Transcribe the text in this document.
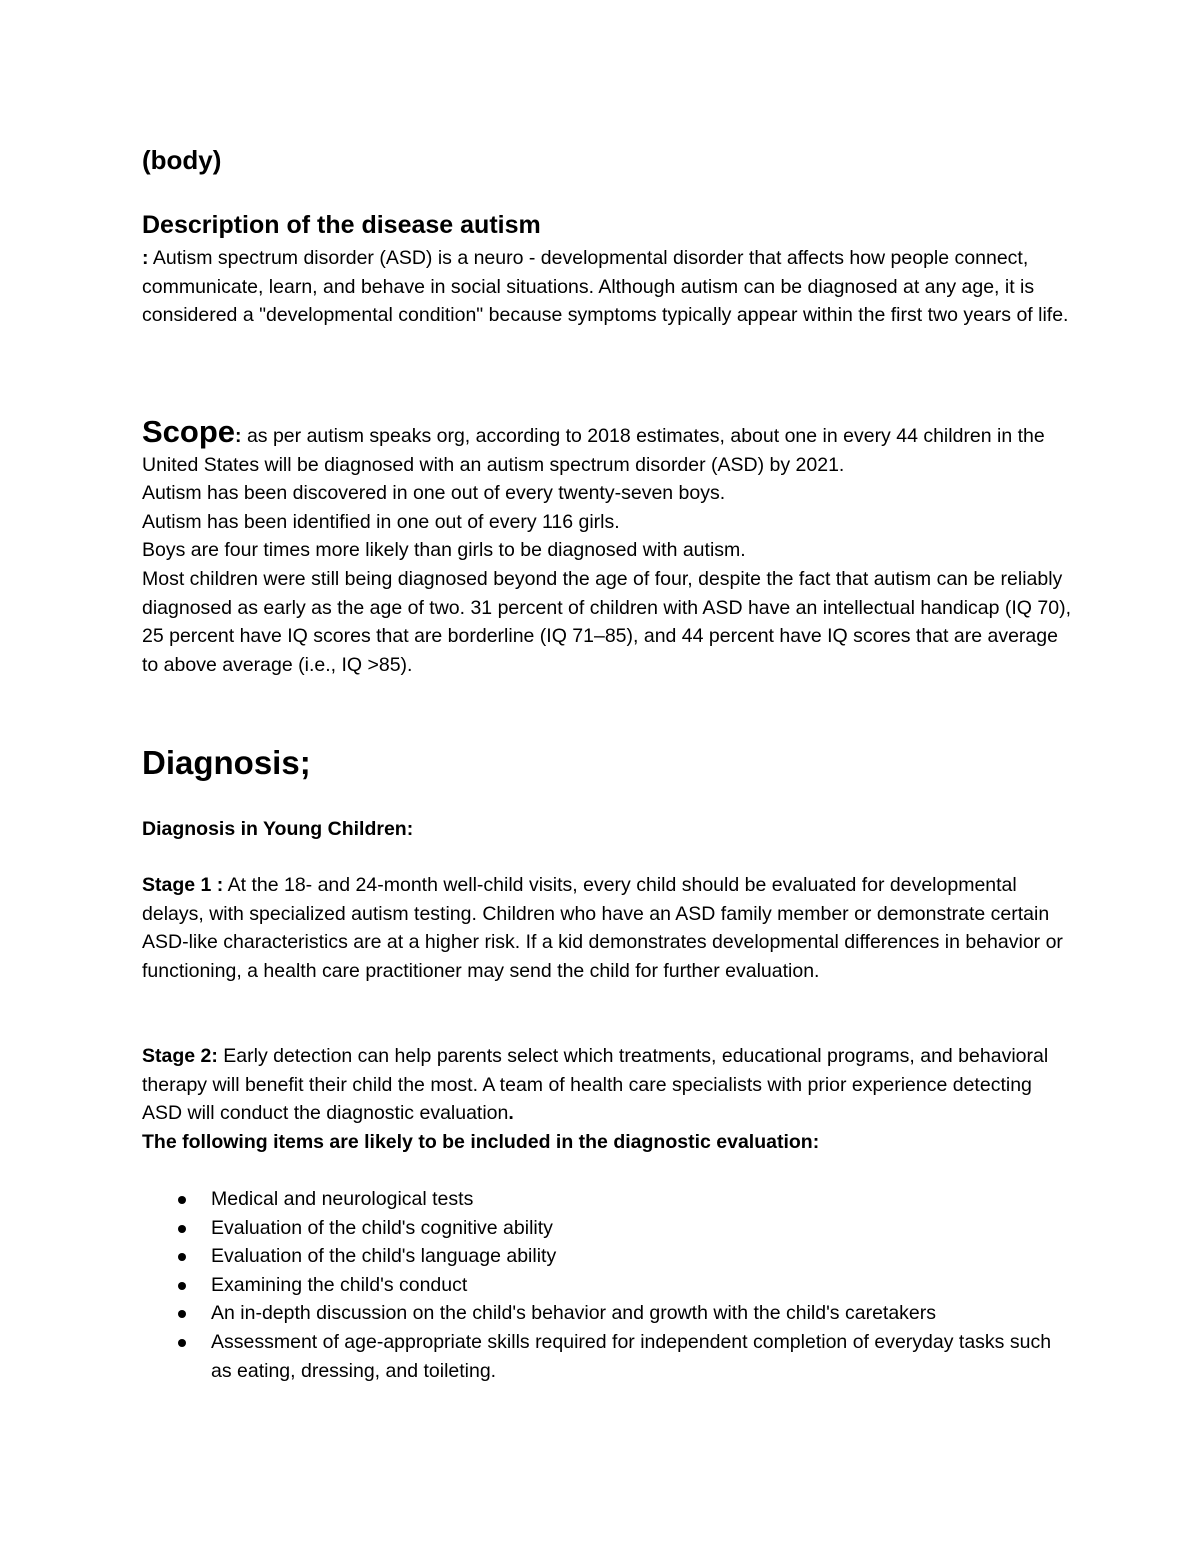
(body)
Description of the disease autism
: Autism spectrum disorder (ASD) is a neuro - developmental disorder that affects how people connect, communicate, learn, and behave in social situations. Although autism can be diagnosed at any age, it is considered a "developmental condition" because symptoms typically appear within the first two years of life.

Scope: as per autism speaks org, according to 2018 estimates, about one in every 44 children in the United States will be diagnosed with an autism spectrum disorder (ASD) by 2021.

Autism has been discovered in one out of every twenty-seven boys.

Autism has been identified in one out of every 116 girls.

Boys are four times more likely than girls to be diagnosed with autism.

Most children were still being diagnosed beyond the age of four, despite the fact that autism can be reliably diagnosed as early as the age of two. 31 percent of children with ASD have an intellectual handicap (IQ 70), 25 percent have IQ scores that are borderline (IQ 71–85), and 44 percent have IQ scores that are average to above average (i.e., IQ >85).

Diagnosis;
Diagnosis in Young Children:
Stage 1 : At the 18- and 24-month well-child visits, every child should be evaluated for developmental delays, with specialized autism testing. Children who have an ASD family member or demonstrate certain ASD-like characteristics are at a higher risk. If a kid demonstrates developmental differences in behavior or functioning, a health care practitioner may send the child for further evaluation.

Stage 2: Early detection can help parents select which treatments, educational programs, and behavioral therapy will benefit their child the most. A team of health care specialists with prior experience detecting ASD will conduct the diagnostic evaluation.

The following items are likely to be included in the diagnostic evaluation:

Medical and neurological tests
Evaluation of the child's cognitive ability
Evaluation of the child's language ability
Examining the child's conduct
An in-depth discussion on the child's behavior and growth with the child's caretakers
Assessment of age-appropriate skills required for independent completion of everyday tasks such as eating, dressing, and toileting.
